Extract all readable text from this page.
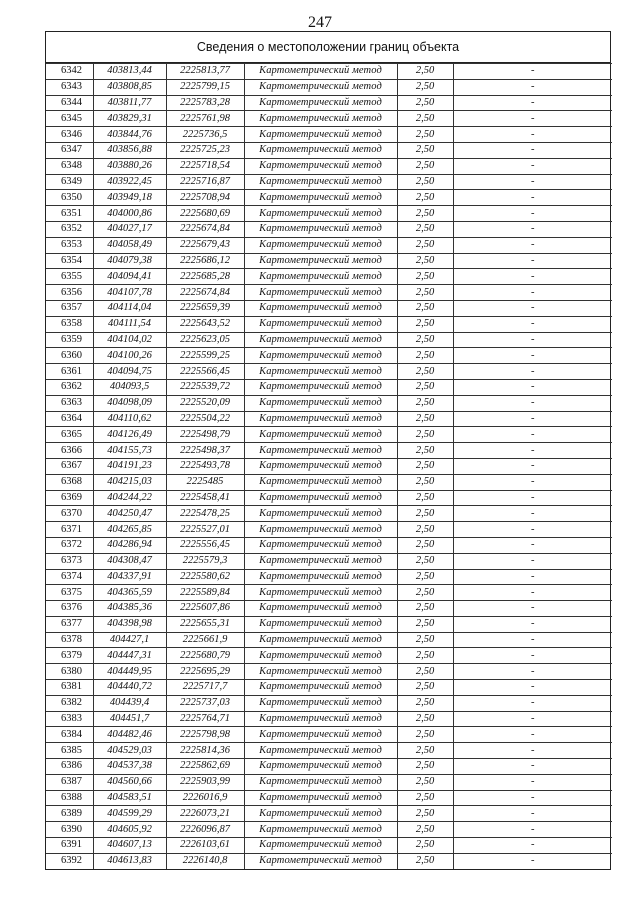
247
Сведения о местоположении границ объекта
6342	403813,44	2225813,77	Картометрический метод	2,50	-
6343	403808,85	2225799,15	Картометрический метод	2,50	-
6344	403811,77	2225783,28	Картометрический метод	2,50	-
6345	403829,31	2225761,98	Картометрический метод	2,50	-
6346	403844,76	2225736,5	Картометрический метод	2,50	-
6347	403856,88	2225725,23	Картометрический метод	2,50	-
6348	403880,26	2225718,54	Картометрический метод	2,50	-
6349	403922,45	2225716,87	Картометрический метод	2,50	-
6350	403949,18	2225708,94	Картометрический метод	2,50	-
6351	404000,86	2225680,69	Картометрический метод	2,50	-
6352	404027,17	2225674,84	Картометрический метод	2,50	-
6353	404058,49	2225679,43	Картометрический метод	2,50	-
6354	404079,38	2225686,12	Картометрический метод	2,50	-
6355	404094,41	2225685,28	Картометрический метод	2,50	-
6356	404107,78	2225674,84	Картометрический метод	2,50	-
6357	404114,04	2225659,39	Картометрический метод	2,50	-
6358	404111,54	2225643,52	Картометрический метод	2,50	-
6359	404104,02	2225623,05	Картометрический метод	2,50	-
6360	404100,26	2225599,25	Картометрический метод	2,50	-
6361	404094,75	2225566,45	Картометрический метод	2,50	-
6362	404093,5	2225539,72	Картометрический метод	2,50	-
6363	404098,09	2225520,09	Картометрический метод	2,50	-
6364	404110,62	2225504,22	Картометрический метод	2,50	-
6365	404126,49	2225498,79	Картометрический метод	2,50	-
6366	404155,73	2225498,37	Картометрический метод	2,50	-
6367	404191,23	2225493,78	Картометрический метод	2,50	-
6368	404215,03	2225485	Картометрический метод	2,50	-
6369	404244,22	2225458,41	Картометрический метод	2,50	-
6370	404250,47	2225478,25	Картометрический метод	2,50	-
6371	404265,85	2225527,01	Картометрический метод	2,50	-
6372	404286,94	2225556,45	Картометрический метод	2,50	-
6373	404308,47	2225579,3	Картометрический метод	2,50	-
6374	404337,91	2225580,62	Картометрический метод	2,50	-
6375	404365,59	2225589,84	Картометрический метод	2,50	-
6376	404385,36	2225607,86	Картометрический метод	2,50	-
6377	404398,98	2225655,31	Картометрический метод	2,50	-
6378	404427,1	2225661,9	Картометрический метод	2,50	-
6379	404447,31	2225680,79	Картометрический метод	2,50	-
6380	404449,95	2225695,29	Картометрический метод	2,50	-
6381	404440,72	2225717,7	Картометрический метод	2,50	-
6382	404439,4	2225737,03	Картометрический метод	2,50	-
6383	404451,7	2225764,71	Картометрический метод	2,50	-
6384	404482,46	2225798,98	Картометрический метод	2,50	-
6385	404529,03	2225814,36	Картометрический метод	2,50	-
6386	404537,38	2225862,69	Картометрический метод	2,50	-
6387	404560,66	2225903,99	Картометрический метод	2,50	-
6388	404583,51	2226016,9	Картометрический метод	2,50	-
6389	404599,29	2226073,21	Картометрический метод	2,50	-
6390	404605,92	2226096,87	Картометрический метод	2,50	-
6391	404607,13	2226103,61	Картометрический метод	2,50	-
6392	404613,83	2226140,8	Картометрический метод	2,50	-
